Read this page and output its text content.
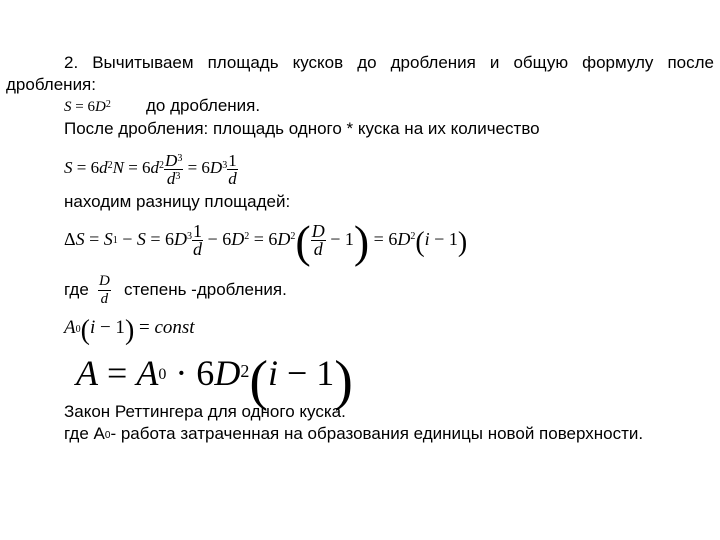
2. Вычитываем площадь кусков до дробления и общую формулу после
дробления:
$S = 6D^2$ до дробления.
После дробления: площадь одного * куска на их количество
$S = 6d^2N = 6d^2 \frac{D^3}{d^3} = 6D^3 \frac{1}{d}$
находим разницу площадей:
$\Delta S = S_1 - S = 6D^3 \frac{1}{d} - 6D^2 = 6D^2( \frac{D}{d} - 1) = 6D^2(i - 1)$
где $\frac{D}{d}$ степень -дробления.
$A_0(i - 1)$ = const
$A = A_0 \cdot 6D^2(i - 1)$
Закон Реттингера для одного куска.
где $А_0-$ работа затраченная на образования единицы новой поверхности.
